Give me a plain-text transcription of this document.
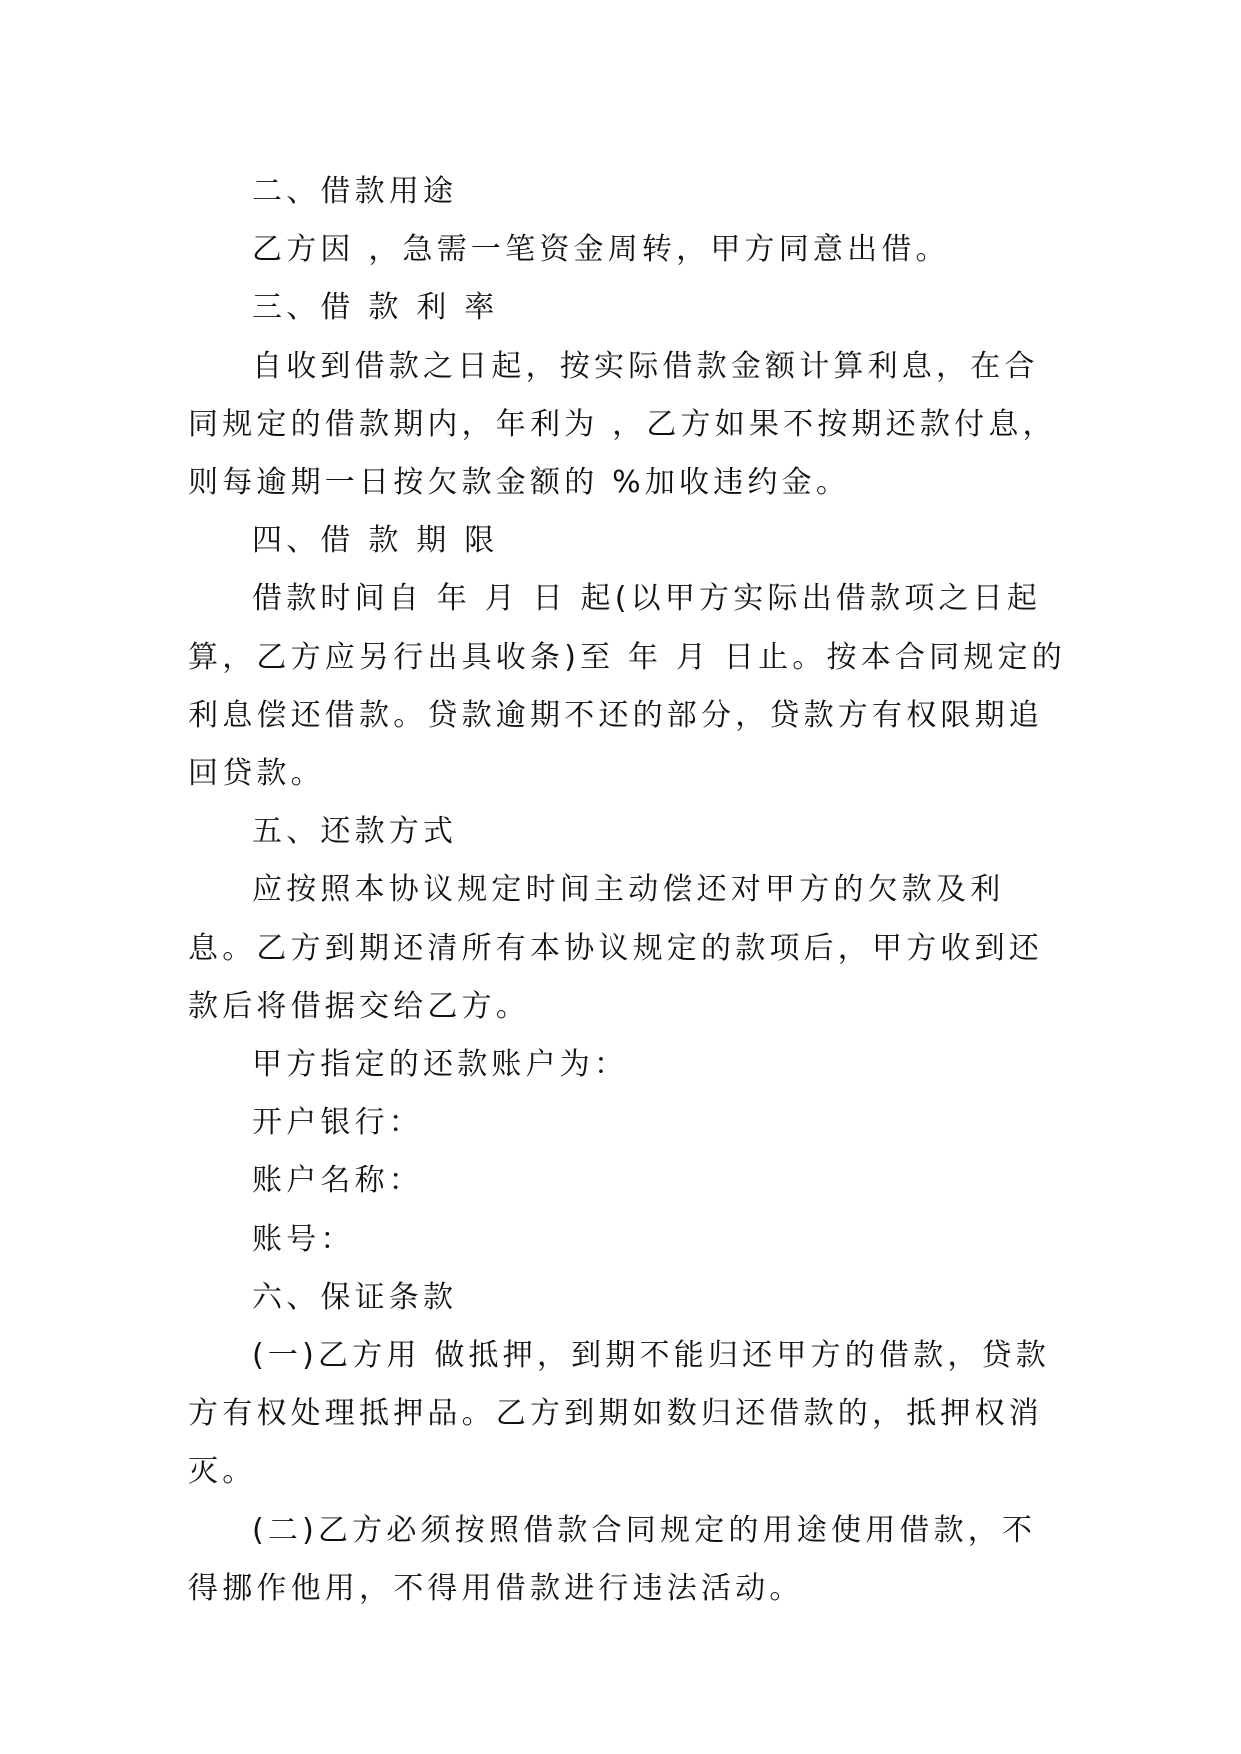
二、借款用途

乙方因 ，急需一笔资金周转，甲方同意出借。

三、借 款 利 率

自收到借款之日起，按实际借款金额计算利息，在合同规定的借款期内，年利为 ，乙方如果不按期还款付息，则每逾期一日按欠款金额的 %加收违约金。

四、借 款 期 限

借款时间自 年 月 日 起(以甲方实际出借款项之日起算，乙方应另行出具收条)至 年 月 日止。按本合同规定的利息偿还借款。贷款逾期不还的部分，贷款方有权限期追回贷款。

五、还款方式

应按照本协议规定时间主动偿还对甲方的欠款及利息。乙方到期还清所有本协议规定的款项后，甲方收到还款后将借据交给乙方。

甲方指定的还款账户为：

开户银行：

账户名称：

账号：

六、保证条款

(一)乙方用 做抵押，到期不能归还甲方的借款，贷款方有权处理抵押品。乙方到期如数归还借款的，抵押权消灭。

(二)乙方必须按照借款合同规定的用途使用借款，不得挪作他用，不得用借款进行违法活动。
